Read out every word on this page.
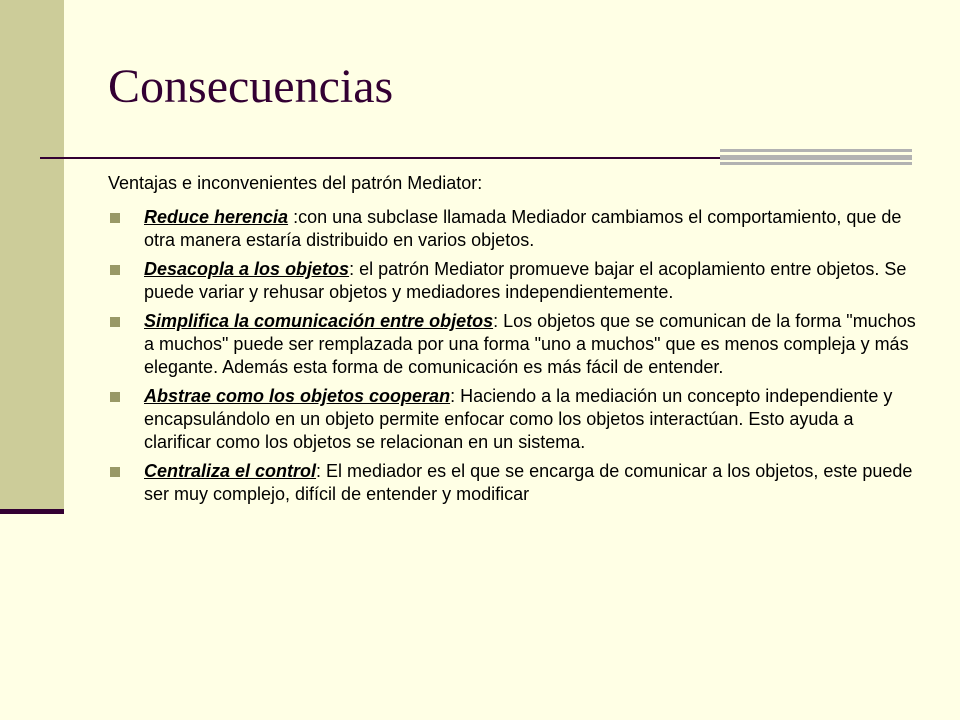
Consecuencias

Ventajas e inconvenientes del patrón Mediator:

Reduce herencia :con una subclase llamada Mediador cambiamos el comportamiento, que de otra manera estaría distribuido en varios objetos.
Desacopla a los objetos: el patrón Mediator promueve bajar el acoplamiento entre objetos. Se puede variar y rehusar objetos y mediadores independientemente.
Simplifica la comunicación entre objetos: Los objetos que se comunican de la forma "muchos a muchos" puede ser remplazada por una forma "uno a muchos" que es menos compleja y más elegante. Además esta forma de comunicación es más fácil de entender.
Abstrae como los objetos cooperan: Haciendo a la mediación un concepto independiente y encapsulándolo en un objeto permite enfocar como los objetos interactúan. Esto ayuda a clarificar como los objetos se relacionan en un sistema.
Centraliza el control: El mediador es el que se encarga de comunicar a los objetos, este puede ser muy complejo, difícil de entender y modificar
